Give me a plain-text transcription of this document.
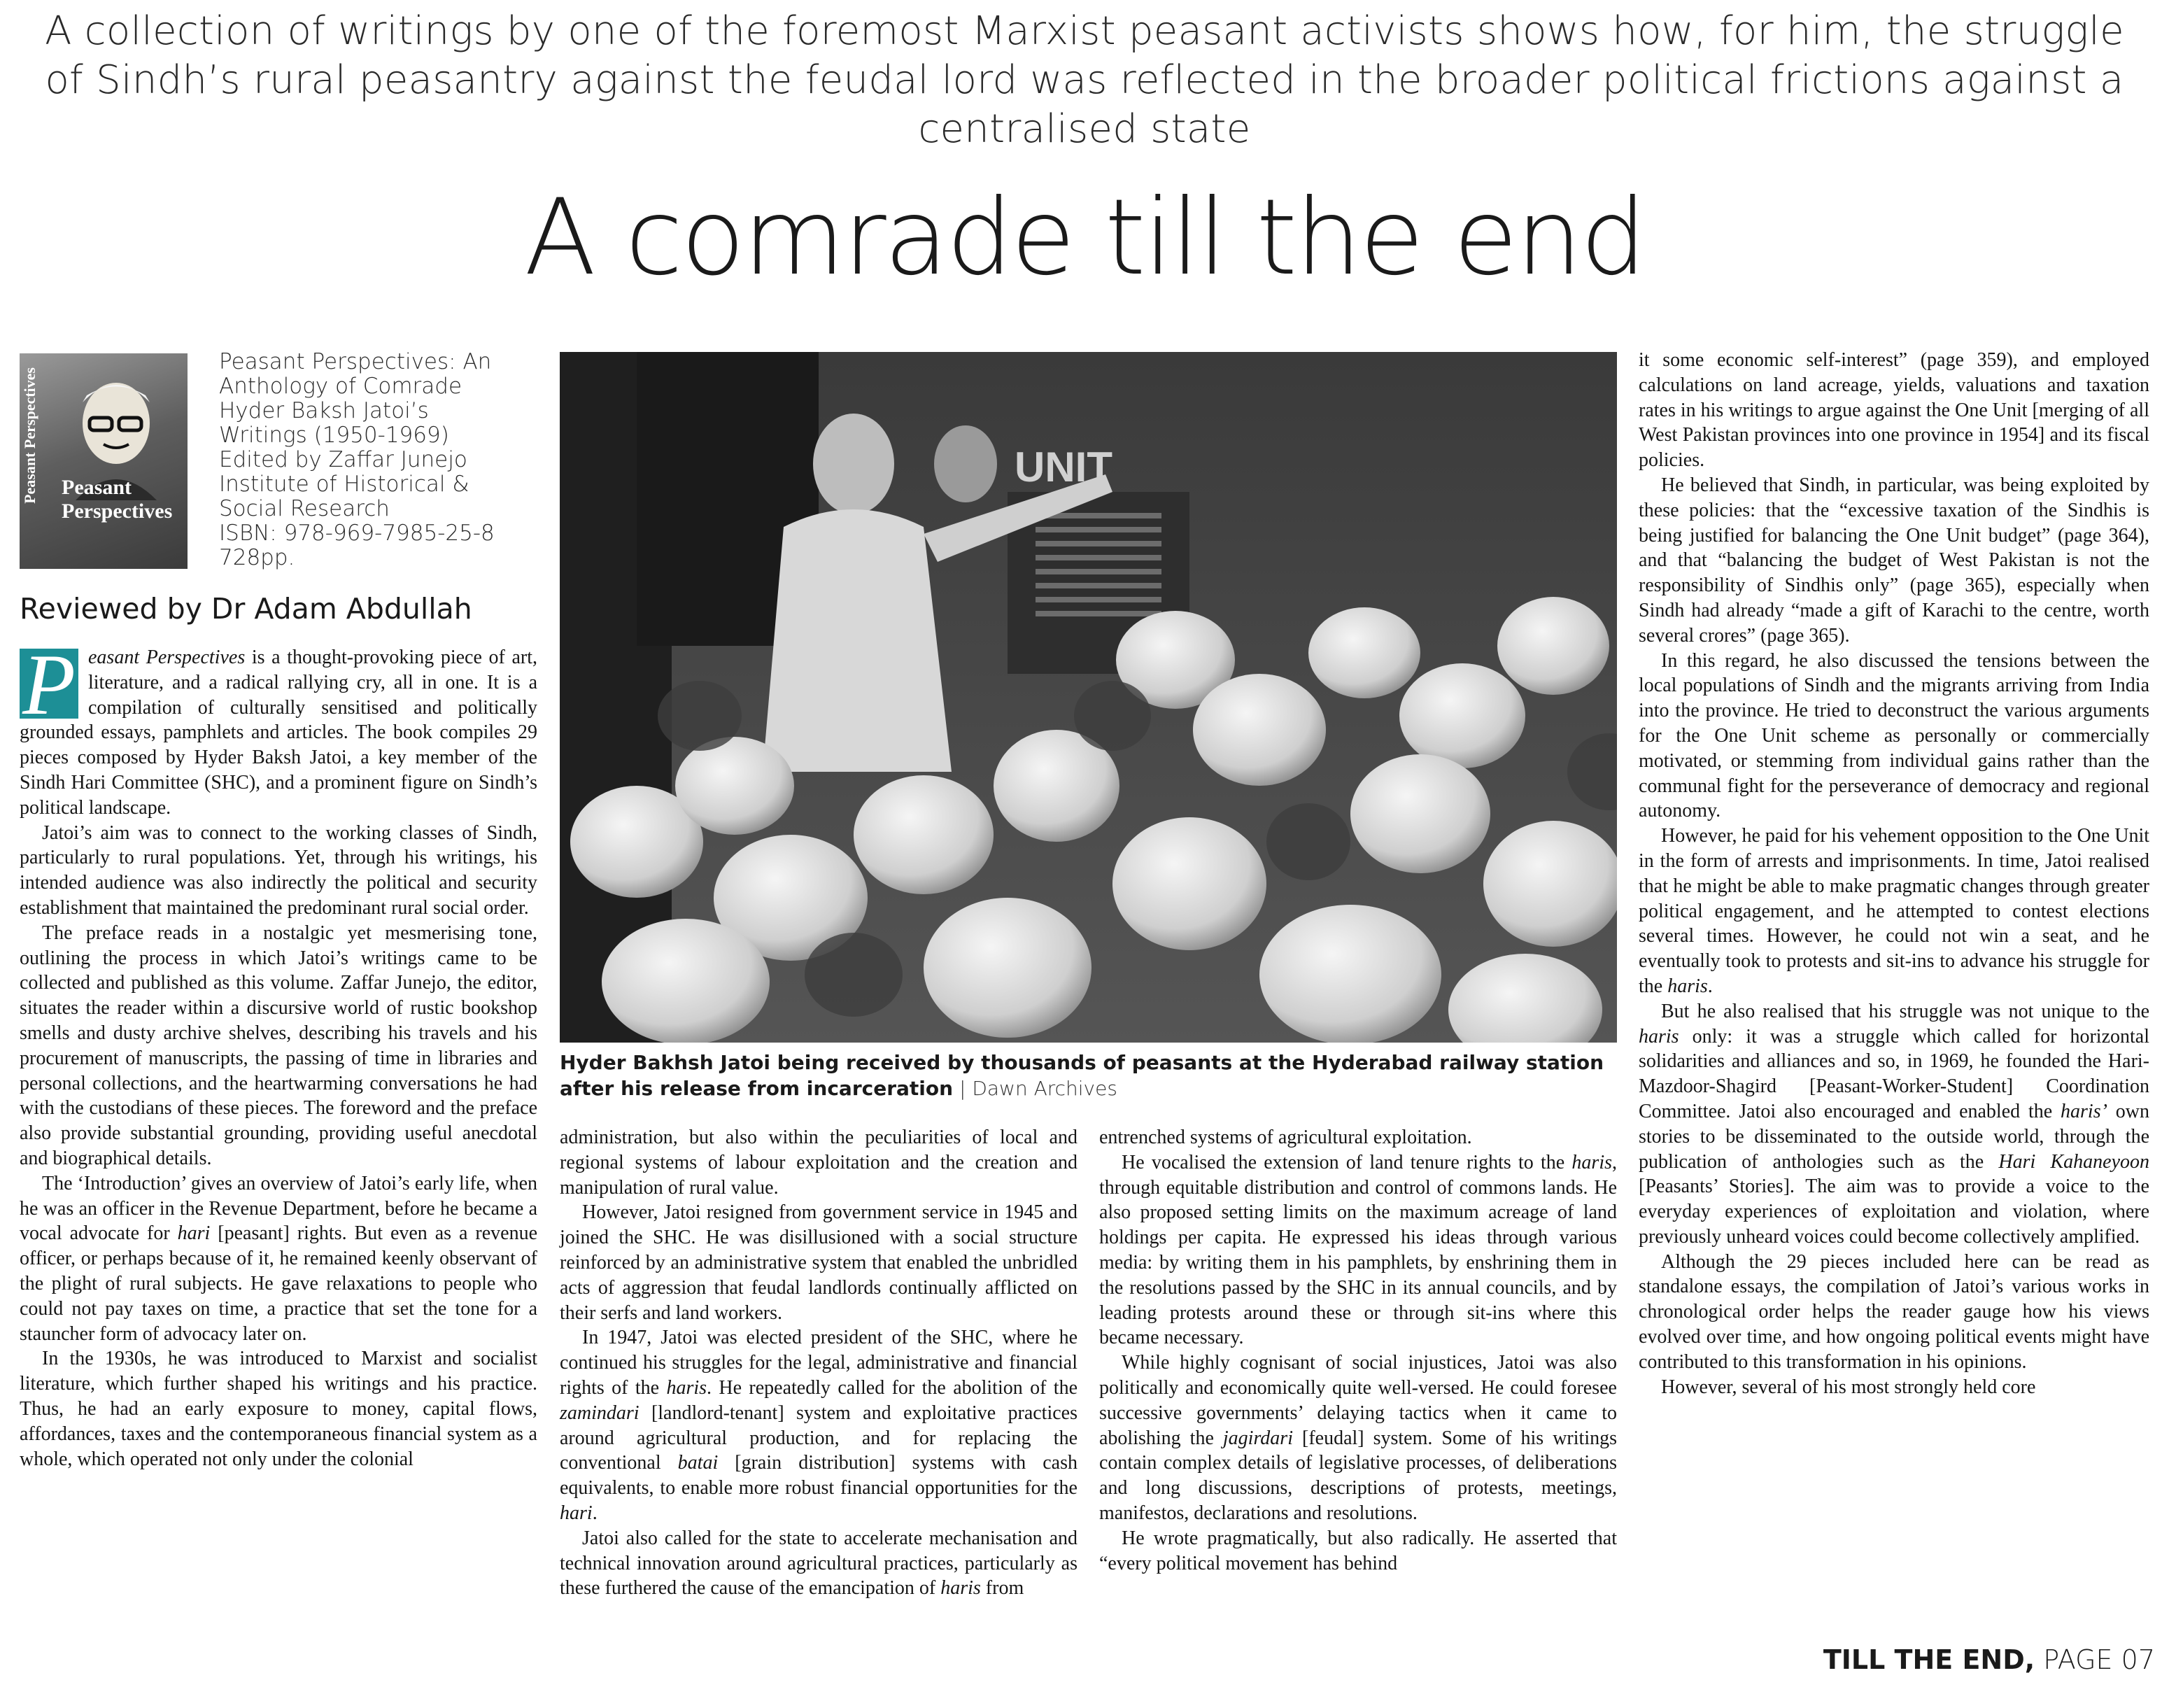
A collection of writings by one of the foremost Marxist peasant activists shows how, for him, the struggle of Sindh’s rural peasantry against the feudal lord was reflected in the broader political frictions against a centralised state
A comrade till the end
Peasant Perspectives Peasant Perspectives
Peasant Perspectives: An
Anthology of Comrade
Hyder Baksh Jatoi’s
Writings (1950-1969)
Edited by Zaffar Junejo
Institute of Historical &
Social Research
ISBN: 978-969-7985-25-8
728pp.
Reviewed by Dr Adam Abdullah

P easant Perspectives is a thought-provoking piece of art, literature, and a radical rallying cry, all in one. It is a compilation of culturally sensitised and politically grounded essays, pamphlets and articles. The book compiles 29 pieces composed by Hyder Baksh Jatoi, a key member of the Sindh Hari Committee (SHC), and a prominent figure on Sindh’s political landscape.

Jatoi’s aim was to connect to the working classes of Sindh, particularly to rural populations. Yet, through his writings, his intended audience was also indirectly the political and security establishment that maintained the predominant rural social order.

The preface reads in a nostalgic yet mesmerising tone, outlining the process in which Jatoi’s writings came to be collected and published as this volume. Zaffar Junejo, the editor, situates the reader within a discursive world of rustic bookshop smells and dusty archive shelves, describing his travels and his procurement of manuscripts, the passing of time in libraries and personal collections, and the heartwarming conversations he had with the custodians of these pieces. The foreword and the preface also provide substantial grounding, providing useful anecdotal and biographical details.

The ‘Introduction’ gives an overview of Jatoi’s early life, when he was an officer in the Revenue Department, before he became a vocal advocate for hari [peasant] rights. But even as a revenue officer, or perhaps because of it, he remained keenly observant of the plight of rural subjects. He gave relaxations to people who could not pay taxes on time, a practice that set the tone for a stauncher form of advocacy later on.

In the 1930s, he was introduced to Marxist and socialist literature, which further shaped his writings and his practice. Thus, he had an early exposure to money, capital flows, affordances, taxes and the contemporaneous financial system as a whole, which operated not only under the colonial

UNIT
Hyder Bakhsh Jatoi being received by thousands of peasants at the Hyderabad railway station after his release from incarceration | Dawn Archives

administration, but also within the peculiarities of local and regional systems of labour exploitation and the creation and manipulation of rural value.

However, Jatoi resigned from government service in 1945 and joined the SHC. He was disillusioned with a social structure reinforced by an administrative system that enabled the unbridled acts of aggression that feudal landlords continually afflicted on their serfs and land workers.

In 1947, Jatoi was elected president of the SHC, where he continued his struggles for the legal, administrative and financial rights of the haris. He repeatedly called for the abolition of the zamindari [landlord-tenant] system and exploitative practices around agricultural production, and for replacing the conventional batai [grain distribution] systems with cash equivalents, to enable more robust financial opportunities for the hari.

Jatoi also called for the state to accelerate mechanisation and technical innovation around agricultural practices, particularly as these furthered the cause of the emancipation of haris from

entrenched systems of agricultural exploitation.

He vocalised the extension of land tenure rights to the haris, through equitable distribution and control of commons lands. He also proposed setting limits on the maximum acreage of land holdings per capita. He expressed his ideas through various media: by writing them in his pamphlets, by enshrining them in the resolutions passed by the SHC in its annual councils, and by leading protests around these or through sit-ins where this became necessary.

While highly cognisant of social injustices, Jatoi was also politically and economically quite well-versed. He could foresee successive governments’ delaying tactics when it came to abolishing the jagirdari [feudal] system. Some of his writings contain complex details of legislative processes, of deliberations and long discussions, descriptions of protests, meetings, manifestos, declarations and resolutions.

He wrote pragmatically, but also radically. He asserted that “every political movement has behind

it some economic self-interest” (page 359), and employed calculations on land acreage, yields, valuations and taxation rates in his writings to argue against the One Unit [merging of all West Pakistan provinces into one province in 1954] and its fiscal policies.

He believed that Sindh, in particular, was being exploited by these policies: that the “excessive taxation of the Sindhis is being justified for balancing the One Unit budget” (page 364), and that “balancing the budget of West Pakistan is not the responsibility of Sindhis only” (page 365), especially when Sindh had already “made a gift of Karachi to the centre, worth several crores” (page 365).

In this regard, he also discussed the tensions between the local populations of Sindh and the migrants arriving from India into the province. He tried to deconstruct the various arguments for the One Unit scheme as personally or commercially motivated, or stemming from individual gains rather than the communal fight for the perseverance of democracy and regional autonomy.

However, he paid for his vehement opposition to the One Unit in the form of arrests and imprisonments. In time, Jatoi realised that he might be able to make pragmatic changes through greater political engagement, and he attempted to contest elections several times. However, he could not win a seat, and he eventually took to protests and sit-ins to advance his struggle for the haris.

But he also realised that his struggle was not unique to the haris only: it was a struggle which called for horizontal solidarities and alliances and so, in 1969, he founded the Hari-Mazdoor-Shagird [Peasant-Worker-Student] Coordination Committee. Jatoi also encouraged and enabled the haris’ own stories to be disseminated to the outside world, through the publication of anthologies such as the Hari Kahaneyoon [Peasants’ Stories]. The aim was to provide a voice to the everyday experiences of exploitation and violation, where previously unheard voices could become collectively amplified.

Although the 29 pieces included here can be read as standalone essays, the compilation of Jatoi’s various works in chronological order helps the reader gauge how his views evolved over time, and how ongoing political events might have contributed to this transformation in his opinions.

However, several of his most strongly held core

TILL THE END, PAGE 07
